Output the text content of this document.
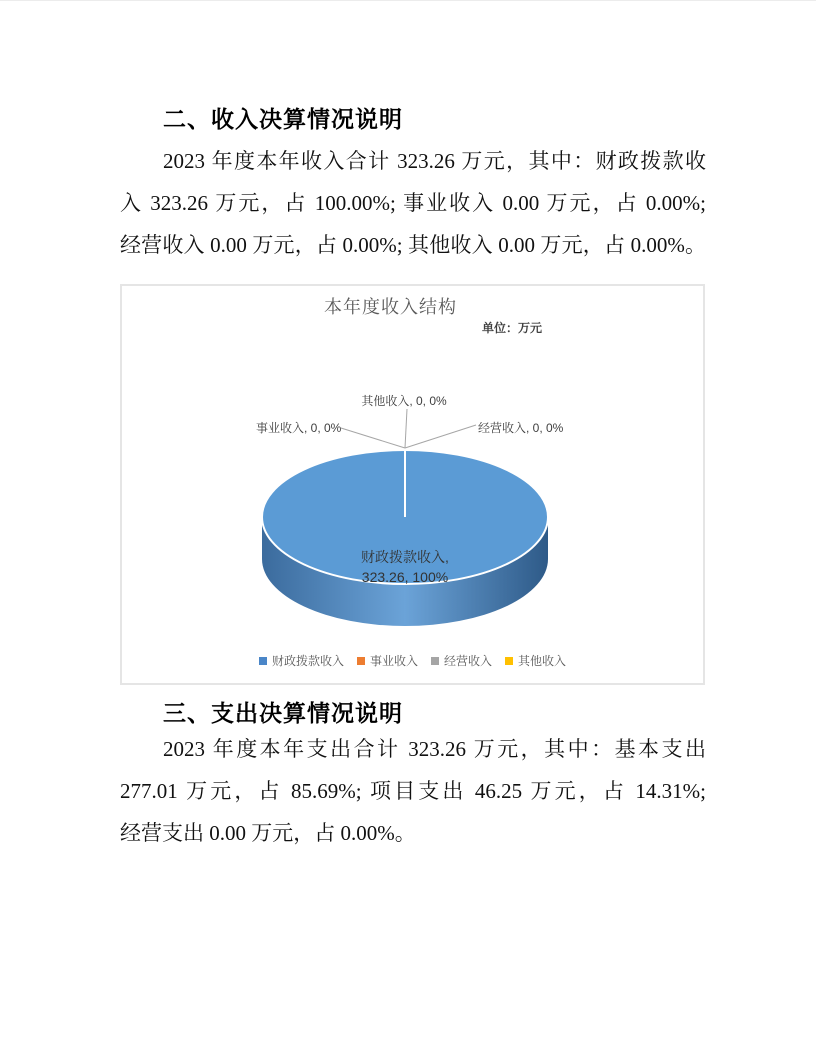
二、收入决算情况说明
2023 年度本年收入合计 323.26 万元，其中：财政拨款收
入 323.26 万元，占 100.00%; 事业收入 0.00 万元，占 0.00%;
经营收入 0.00 万元，占 0.00%; 其他收入 0.00 万元，占 0.00%。
本年度收入结构
单位：万元
其他收入, 0, 0%
事业收入, 0, 0%	经营收入, 0, 0%
财政拨款收入,
323.26, 100%
财政拨款收入 事业收入 经营收入 其他收入
三、支出决算情况说明
2023 年度本年支出合计 323.26 万元，其中：基本支出
277.01 万元，占 85.69%; 项目支出 46.25 万元，占 14.31%;
经营支出 0.00 万元，占 0.00%。
